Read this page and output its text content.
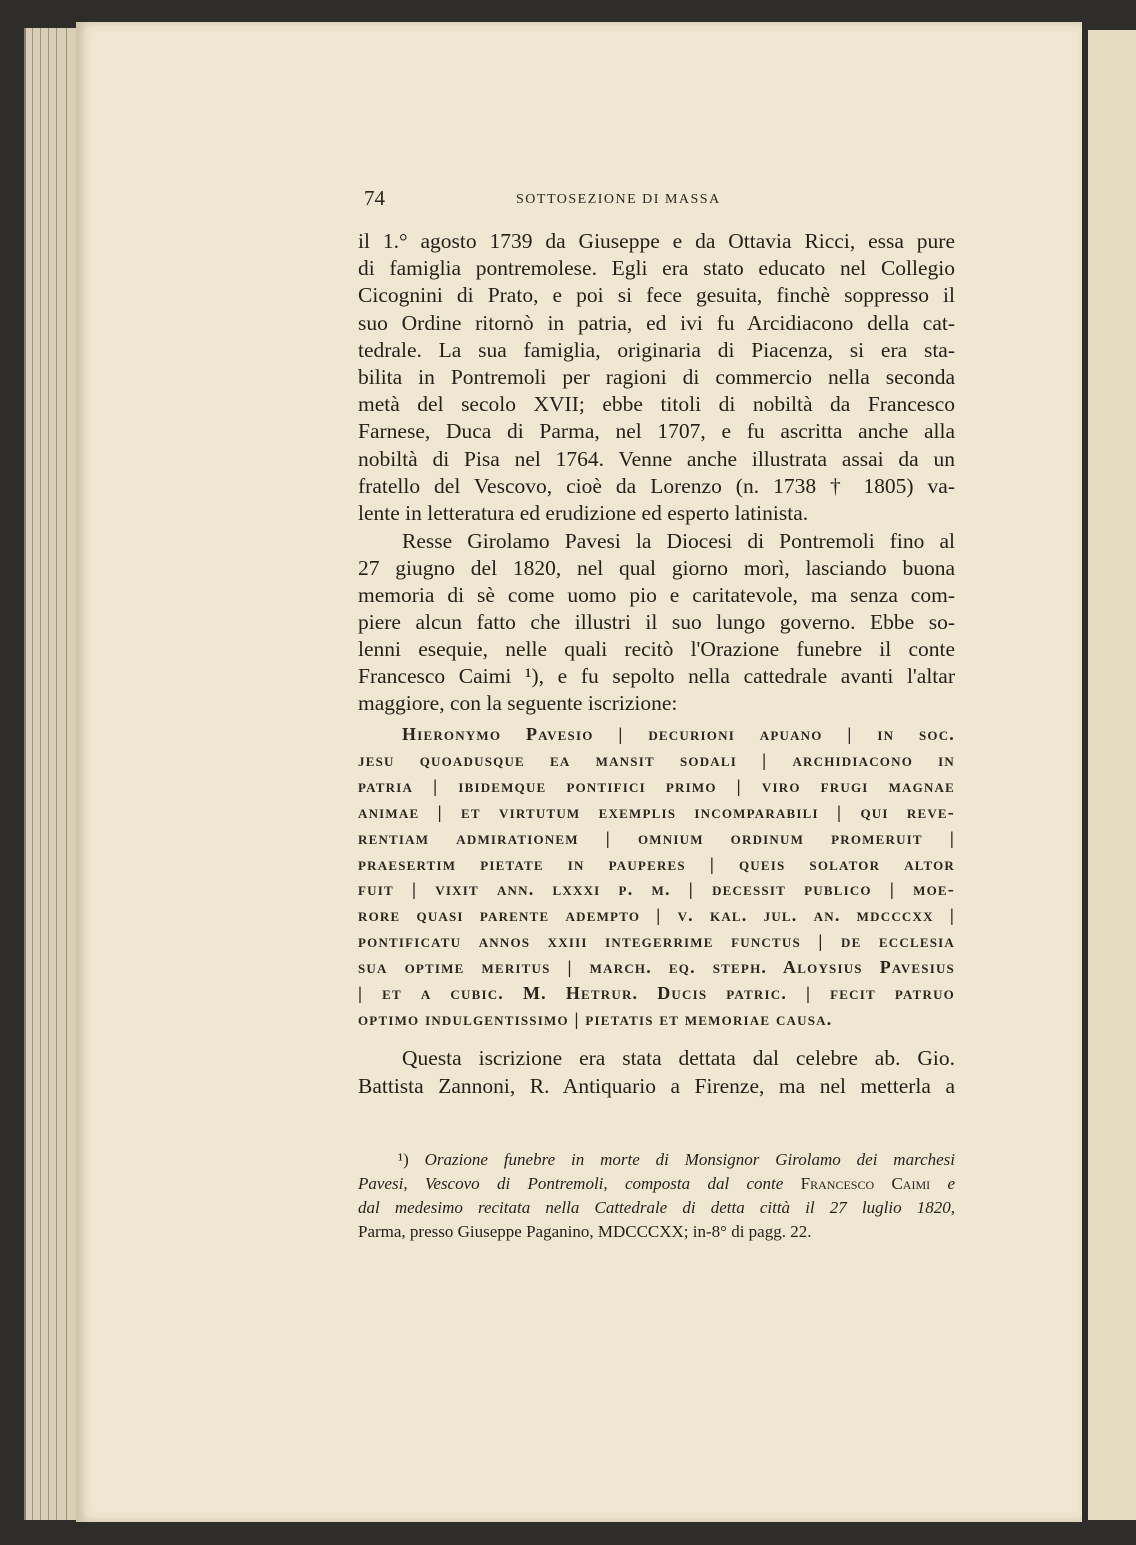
74	SOTTOSEZIONE DI MASSA
il 1.° agosto 1739 da Giuseppe e da Ottavia Ricci, essa pure
di famiglia pontremolese. Egli era stato educato nel Collegio
Cicognini di Prato, e poi si fece gesuita, finchè soppresso il
suo Ordine ritornò in patria, ed ivi fu Arcidiacono della cat-
tedrale. La sua famiglia, originaria di Piacenza, si era sta-
bilita in Pontremoli per ragioni di commercio nella seconda
metà del secolo XVII; ebbe titoli di nobiltà da Francesco
Farnese, Duca di Parma, nel 1707, e fu ascritta anche alla
nobiltà di Pisa nel 1764. Venne anche illustrata assai da un
fratello del Vescovo, cioè da Lorenzo (n. 1738 † 1805) va-
lente in letteratura ed erudizione ed esperto latinista.
Resse Girolamo Pavesi la Diocesi di Pontremoli fino al
27 giugno del 1820, nel qual giorno morì, lasciando buona
memoria di sè come uomo pio e caritatevole, ma senza com-
piere alcun fatto che illustri il suo lungo governo. Ebbe so-
lenni esequie, nelle quali recitò l'Orazione funebre il conte
Francesco Caimi ¹), e fu sepolto nella cattedrale avanti l'altar
maggiore, con la seguente iscrizione:
Hieronymo Pavesio | decurioni apuano | in soc.
jesu quoadusque ea mansit sodali | archidiacono in
patria | ibidemque pontifici primo | viro frugi magnae
animae | et virtutum exemplis incomparabili | qui reve-
rentiam admirationem | omnium ordinum promeruit |
praesertim pietate in pauperes | queis solator altor
fuit | vixit ann. lxxxi p. m. | decessit publico | moe-
rore quasi parente adempto | v. kal. jul. an. mdcccxx |
pontificatu annos xxiii integerrime functus | de ecclesia
sua optime meritus | march. eq. steph. Aloysius Pavesius
| et a cubic. M. Hetrur. Ducis patric. | fecit patruo
optimo indulgentissimo | pietatis et memoriae causa.
Questa iscrizione era stata dettata dal celebre ab. Gio.
Battista Zannoni, R. Antiquario a Firenze, ma nel metterla a
¹) Orazione funebre in morte di Monsignor Girolamo dei marchesi
Pavesi, Vescovo di Pontremoli, composta dal conte Francesco Caimi e
dal medesimo recitata nella Cattedrale di detta città il 27 luglio 1820,
Parma, presso Giuseppe Paganino, MDCCCXX; in-8° di pagg. 22.
